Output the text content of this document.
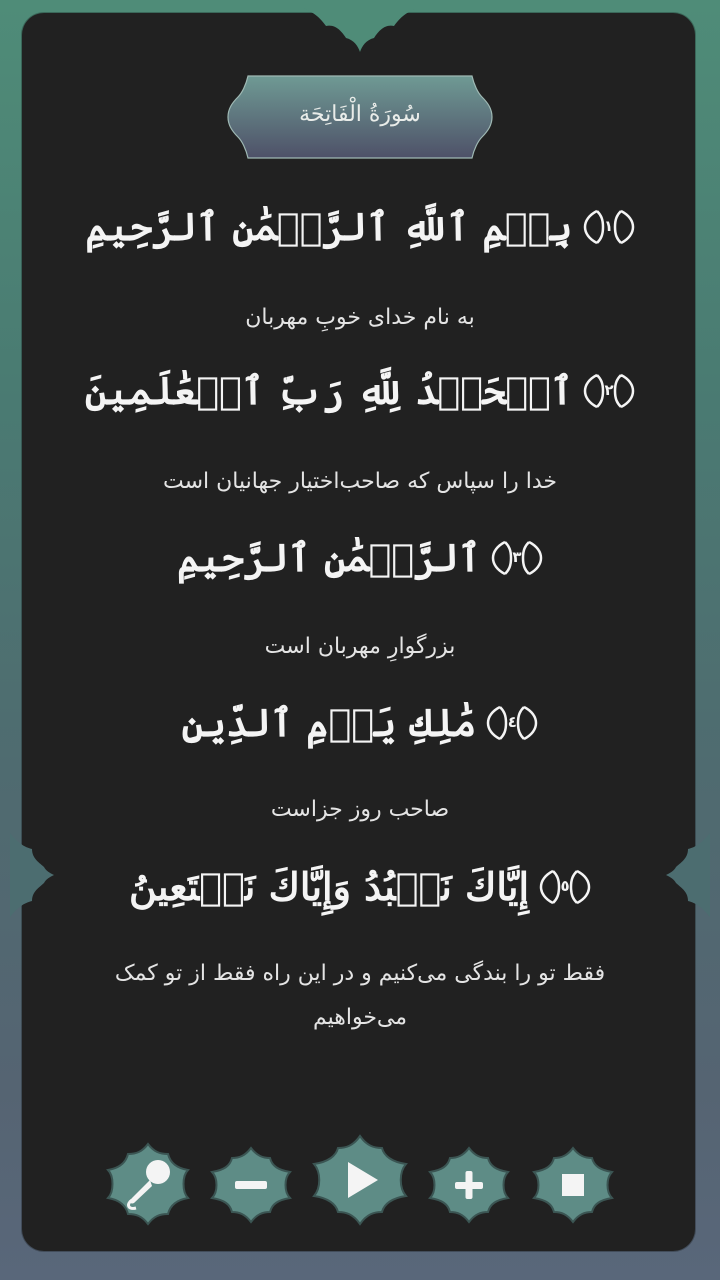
سُورَةُ الْفَاتِحَة
١
بِسۡمِ ٱللَّهِ ٱلرَّحۡمَٰنِ ٱلرَّحِيمِ
به نام خدای خوبِ مهربان
٢
ٱلۡحَمۡدُ لِلَّهِ رَبِّ ٱلۡعَٰلَمِينَ
خدا را سپاس که صاحب‌اختیار جهانیان است
٣
ٱلرَّحۡمَٰنِ ٱلرَّحِيمِ
بزرگوارِ مهربان است
٤
مَٰلِكِ يَوۡمِ ٱلدِّينِ
صاحب روز جزاست
٥
إِيَّاكَ نَعۡبُدُ وَإِيَّاكَ نَسۡتَعِينُ
فقط تو را بندگی می‌کنیم و در این راه فقط از تو کمک می‌خواهیم
